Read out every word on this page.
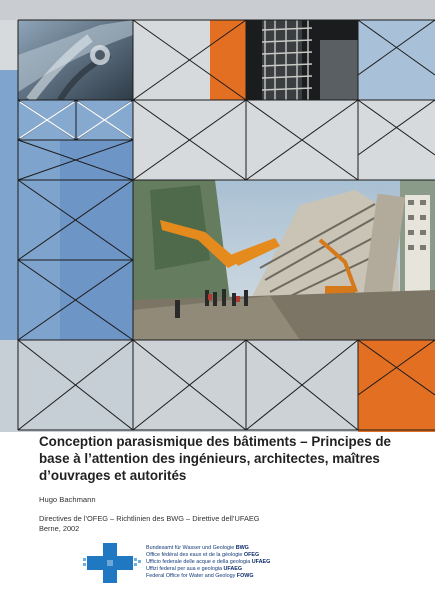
Conception parasismique des bâtiments – Principes de
base à l’attention des ingénieurs, architectes, maîtres
d’ouvrages et autorités

Hugo Bachmann

Directives de l’OFEG – Richtlinien des BWG – Direttive dell’UFAEG
Berne, 2002
Bundesamt für Wasser und Geologie BWG
Office fédéral des eaux et de la géologie OFEG
Ufficio federale delle acque e della geologia UFAEG
Uffizi federal per aua e geologia UFAEG
Federal Office for Water and Geology FOWG
